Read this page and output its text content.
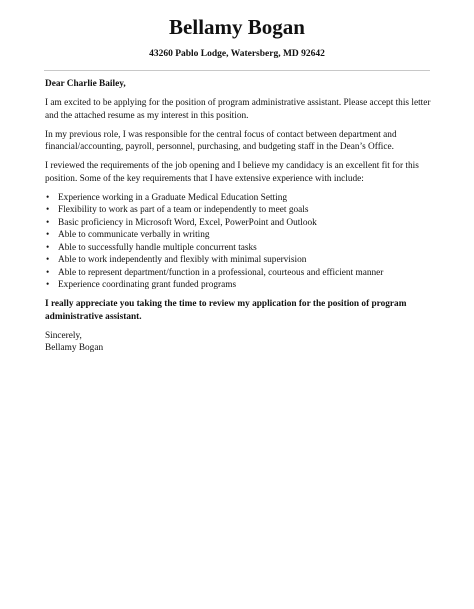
Bellamy Bogan
43260 Pablo Lodge, Watersberg, MD 92642

Dear Charlie Bailey,

I am excited to be applying for the position of program administrative assistant. Please accept this letter and the attached resume as my interest in this position.

In my previous role, I was responsible for the central focus of contact between department and financial/accounting, payroll, personnel, purchasing, and budgeting staff in the Dean’s Office.

I reviewed the requirements of the job opening and I believe my candidacy is an excellent fit for this position. Some of the key requirements that I have extensive experience with include:

• Experience working in a Graduate Medical Education Setting
• Flexibility to work as part of a team or independently to meet goals
• Basic proficiency in Microsoft Word, Excel, PowerPoint and Outlook
• Able to communicate verbally in writing
• Able to successfully handle multiple concurrent tasks
• Able to work independently and flexibly with minimal supervision
• Able to represent department/function in a professional, courteous and efficient manner
• Experience coordinating grant funded programs

I really appreciate you taking the time to review my application for the position of program administrative assistant.

Sincerely,

Bellamy Bogan
